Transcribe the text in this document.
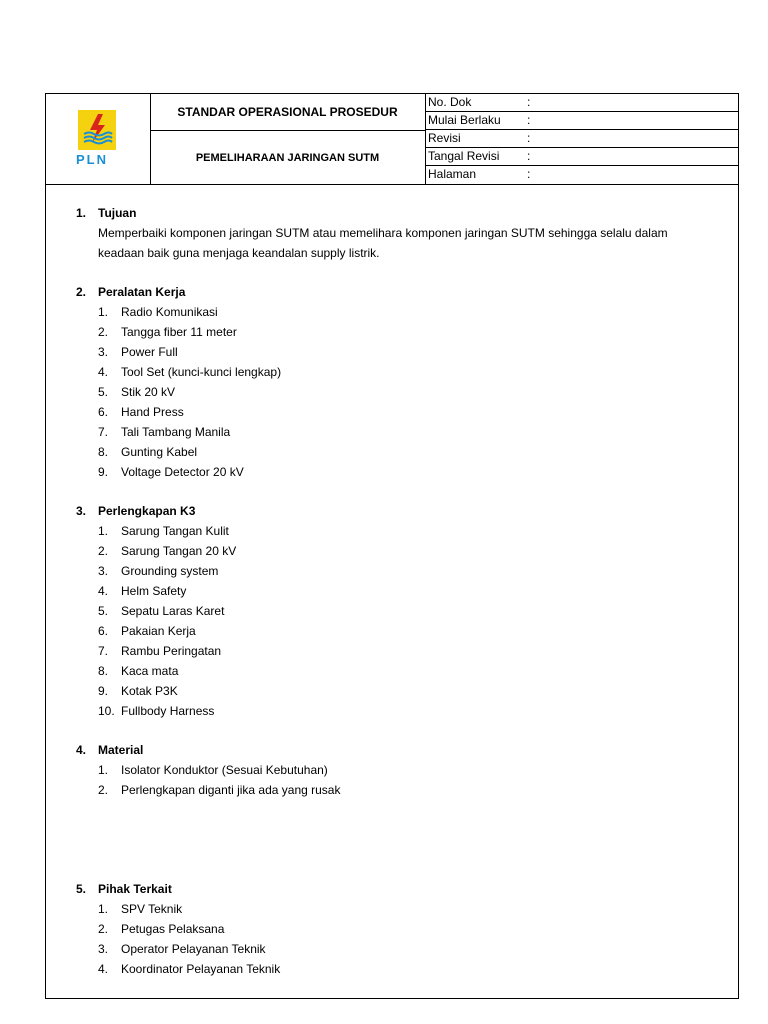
PLN
STANDAR OPERASIONAL PROSEDUR
PEMELIHARAAN JARINGAN SUTM
No. Dok	:
Mulai Berlaku :
Revisi	:
Tangal Revisi :
Halaman	:
1. Tujuan
Memperbaiki komponen jaringan SUTM atau memelihara komponen jaringan SUTM sehingga selalu dalam keadaan baik guna menjaga keandalan supply listrik.
2. Peralatan Kerja
1. Radio Komunikasi
2. Tangga fiber 11 meter
3. Power Full
4. Tool Set (kunci-kunci lengkap)
5. Stik 20 kV
6. Hand Press
7. Tali Tambang Manila
8. Gunting Kabel
9. Voltage Detector 20 kV
3. Perlengkapan K3
1. Sarung Tangan Kulit
2. Sarung Tangan 20 kV
3. Grounding system
4. Helm Safety
5. Sepatu Laras Karet
6. Pakaian Kerja
7. Rambu Peringatan
8. Kaca mata
9. Kotak P3K
10. Fullbody Harness
4. Material
1. Isolator Konduktor (Sesuai Kebutuhan)
2. Perlengkapan diganti jika ada yang rusak
5. Pihak Terkait
1. SPV Teknik
2. Petugas Pelaksana
3. Operator Pelayanan Teknik
4. Koordinator Pelayanan Teknik
